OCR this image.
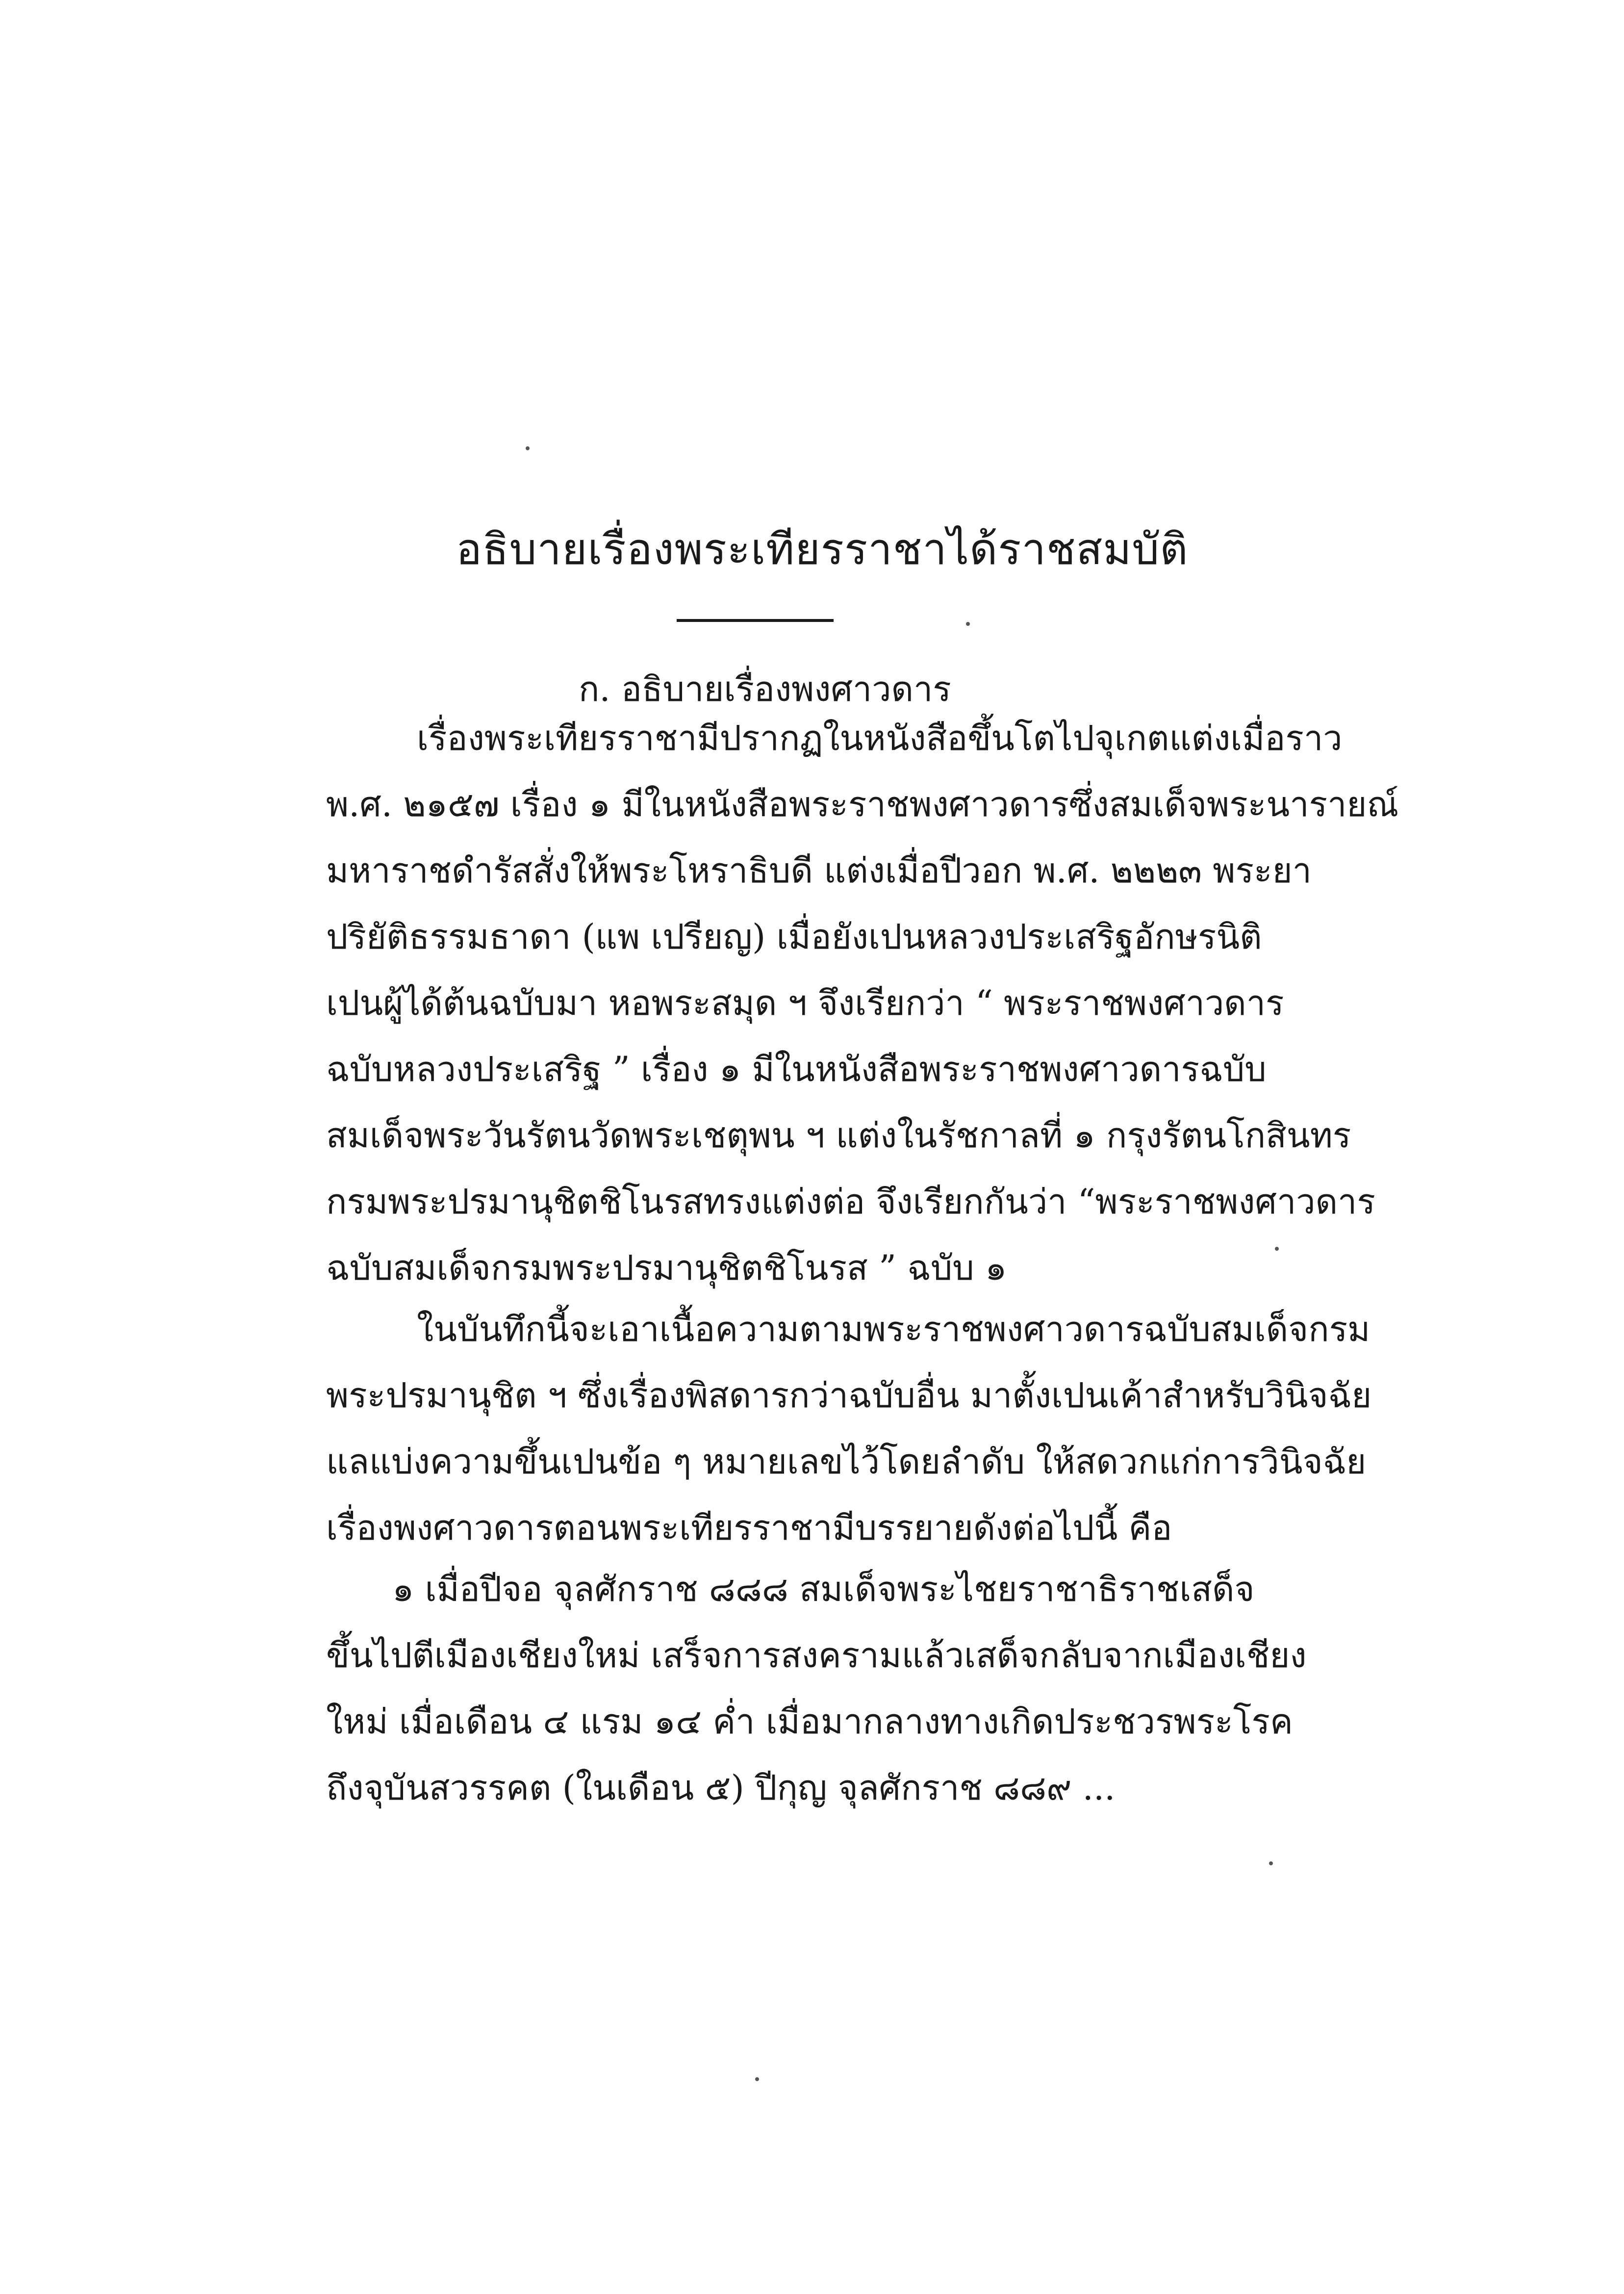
อธิบายเรื่องพระเทียรราชาได้ราชสมบัติ
ก. อธิบายเรื่องพงศาวดาร
เรื่องพระเทียรราชามีปรากฏในหนังสือขึ้นโตไปจุเกตแต่งเมื่อราว
พ.ศ. ๒๑๕๗ เรื่อง ๑ มีในหนังสือพระราชพงศาวดารซึ่งสมเด็จพระนารายณ์
มหาราชดำรัสสั่งให้พระโหราธิบดี แต่งเมื่อปีวอก พ.ศ. ๒๒๒๓ พระยา
ปริยัติธรรมธาดา (แพ เปรียญ) เมื่อยังเปนหลวงประเสริฐอักษรนิติ
เปนผู้ได้ต้นฉบับมา หอพระสมุด ฯ จึงเรียกว่า “ พระราชพงศาวดาร
ฉบับหลวงประเสริฐ ” เรื่อง ๑ มีในหนังสือพระราชพงศาวดารฉบับ
สมเด็จพระวันรัตนวัดพระเชตุพน ฯ แต่งในรัชกาลที่ ๑ กรุงรัตนโกสินทร
กรมพระปรมานุชิตชิโนรสทรงแต่งต่อ จึงเรียกกันว่า “พระราชพงศาวดาร
ฉบับสมเด็จกรมพระปรมานุชิตชิโนรส ” ฉบับ ๑
ในบันทึกนี้จะเอาเนื้อความตามพระราชพงศาวดารฉบับสมเด็จกรม
พระปรมานุชิต ฯ ซึ่งเรื่องพิสดารกว่าฉบับอื่น มาตั้งเปนเค้าสำหรับวินิจฉัย
แลแบ่งความขึ้นเปนข้อ ๆ หมายเลขไว้โดยลำดับ ให้สดวกแก่การวินิจฉัย
เรื่องพงศาวดารตอนพระเทียรราชามีบรรยายดังต่อไปนี้ คือ
๑ เมื่อปีจอ จุลศักราช ๘๘๘ สมเด็จพระไชยราชาธิราชเสด็จ
ขึ้นไปตีเมืองเชียงใหม่ เสร็จการสงครามแล้วเสด็จกลับจากเมืองเชียง
ใหม่ เมื่อเดือน ๔ แรม ๑๔ ค่ำ เมื่อมากลางทางเกิดประชวรพระโรค
ถึงจุบันสวรรคต (ในเดือน ๕) ปีกุญ จุลศักราช ๘๘๙ ...
